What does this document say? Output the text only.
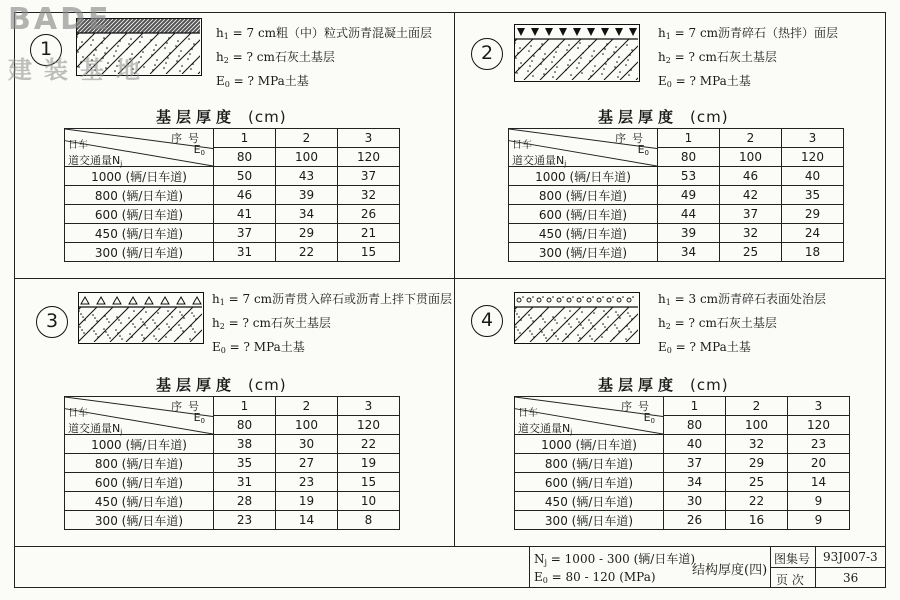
1
$h_1 = 7$ cm粗（中）粒式沥青混凝土面层
$h_2$ = ? cm石灰土基层
$E_0$ = ? MPa土基
基层厚度 (cm)
序号
$E_0$
日车
道交通量$N_j$	1	2	3
	80	100	120
1000 (辆/日车道)	50	43	37
800 (辆/日车道)	46	39	32
600 (辆/日车道)	41	34	26
450 (辆/日车道)	37	29	21
300 (辆/日车道)	31	22	15
2
$h_1 = 7$ cm沥青碎石（热拌）面层
$h_2$ = ? cm石灰土基层
$E_0$ = ? MPa土基
基层厚度 (cm)
序号
$E_0$
日车
道交通量$N_j$	1	2	3
	80	100	120
1000 (辆/日车道)	53	46	40
800 (辆/日车道)	49	42	35
600 (辆/日车道)	44	37	29
450 (辆/日车道)	39	32	24
300 (辆/日车道)	34	25	18
3
$h_1 = 7$ cm沥青贯入碎石或沥青上拌下贯面层
$h_2$ = ? cm石灰土基层
$E_0$ = ? MPa土基
基层厚度 (cm)
序号
$E_0$
日车
道交通量$N_j$	1	2	3
	80	100	120
1000 (辆/日车道)	38	30	22
800 (辆/日车道)	35	27	19
600 (辆/日车道)	31	23	15
450 (辆/日车道)	28	19	10
300 (辆/日车道)	23	14	8
4
$h_1 = 3$ cm沥青碎石表面处治层
$h_2$ = ? cm石灰土基层
$E_0$ = ? MPa土基
基层厚度 (cm)
序号
$E_0$
日车
道交通量$N_j$	1	2	3
	80	100	120
1000 (辆/日车道)	40	32	23
800 (辆/日车道)	37	29	20
600 (辆/日车道)	34	25	14
450 (辆/日车道)	30	22	9
300 (辆/日车道)	26	16	9
BADE
建装基地
$N_j = 1000 - 300$ (辆/日车道)
$E_0 = 80 - 120$ (MPa)	结构厚度(四)
图集号 93J007-3
页 次	36
